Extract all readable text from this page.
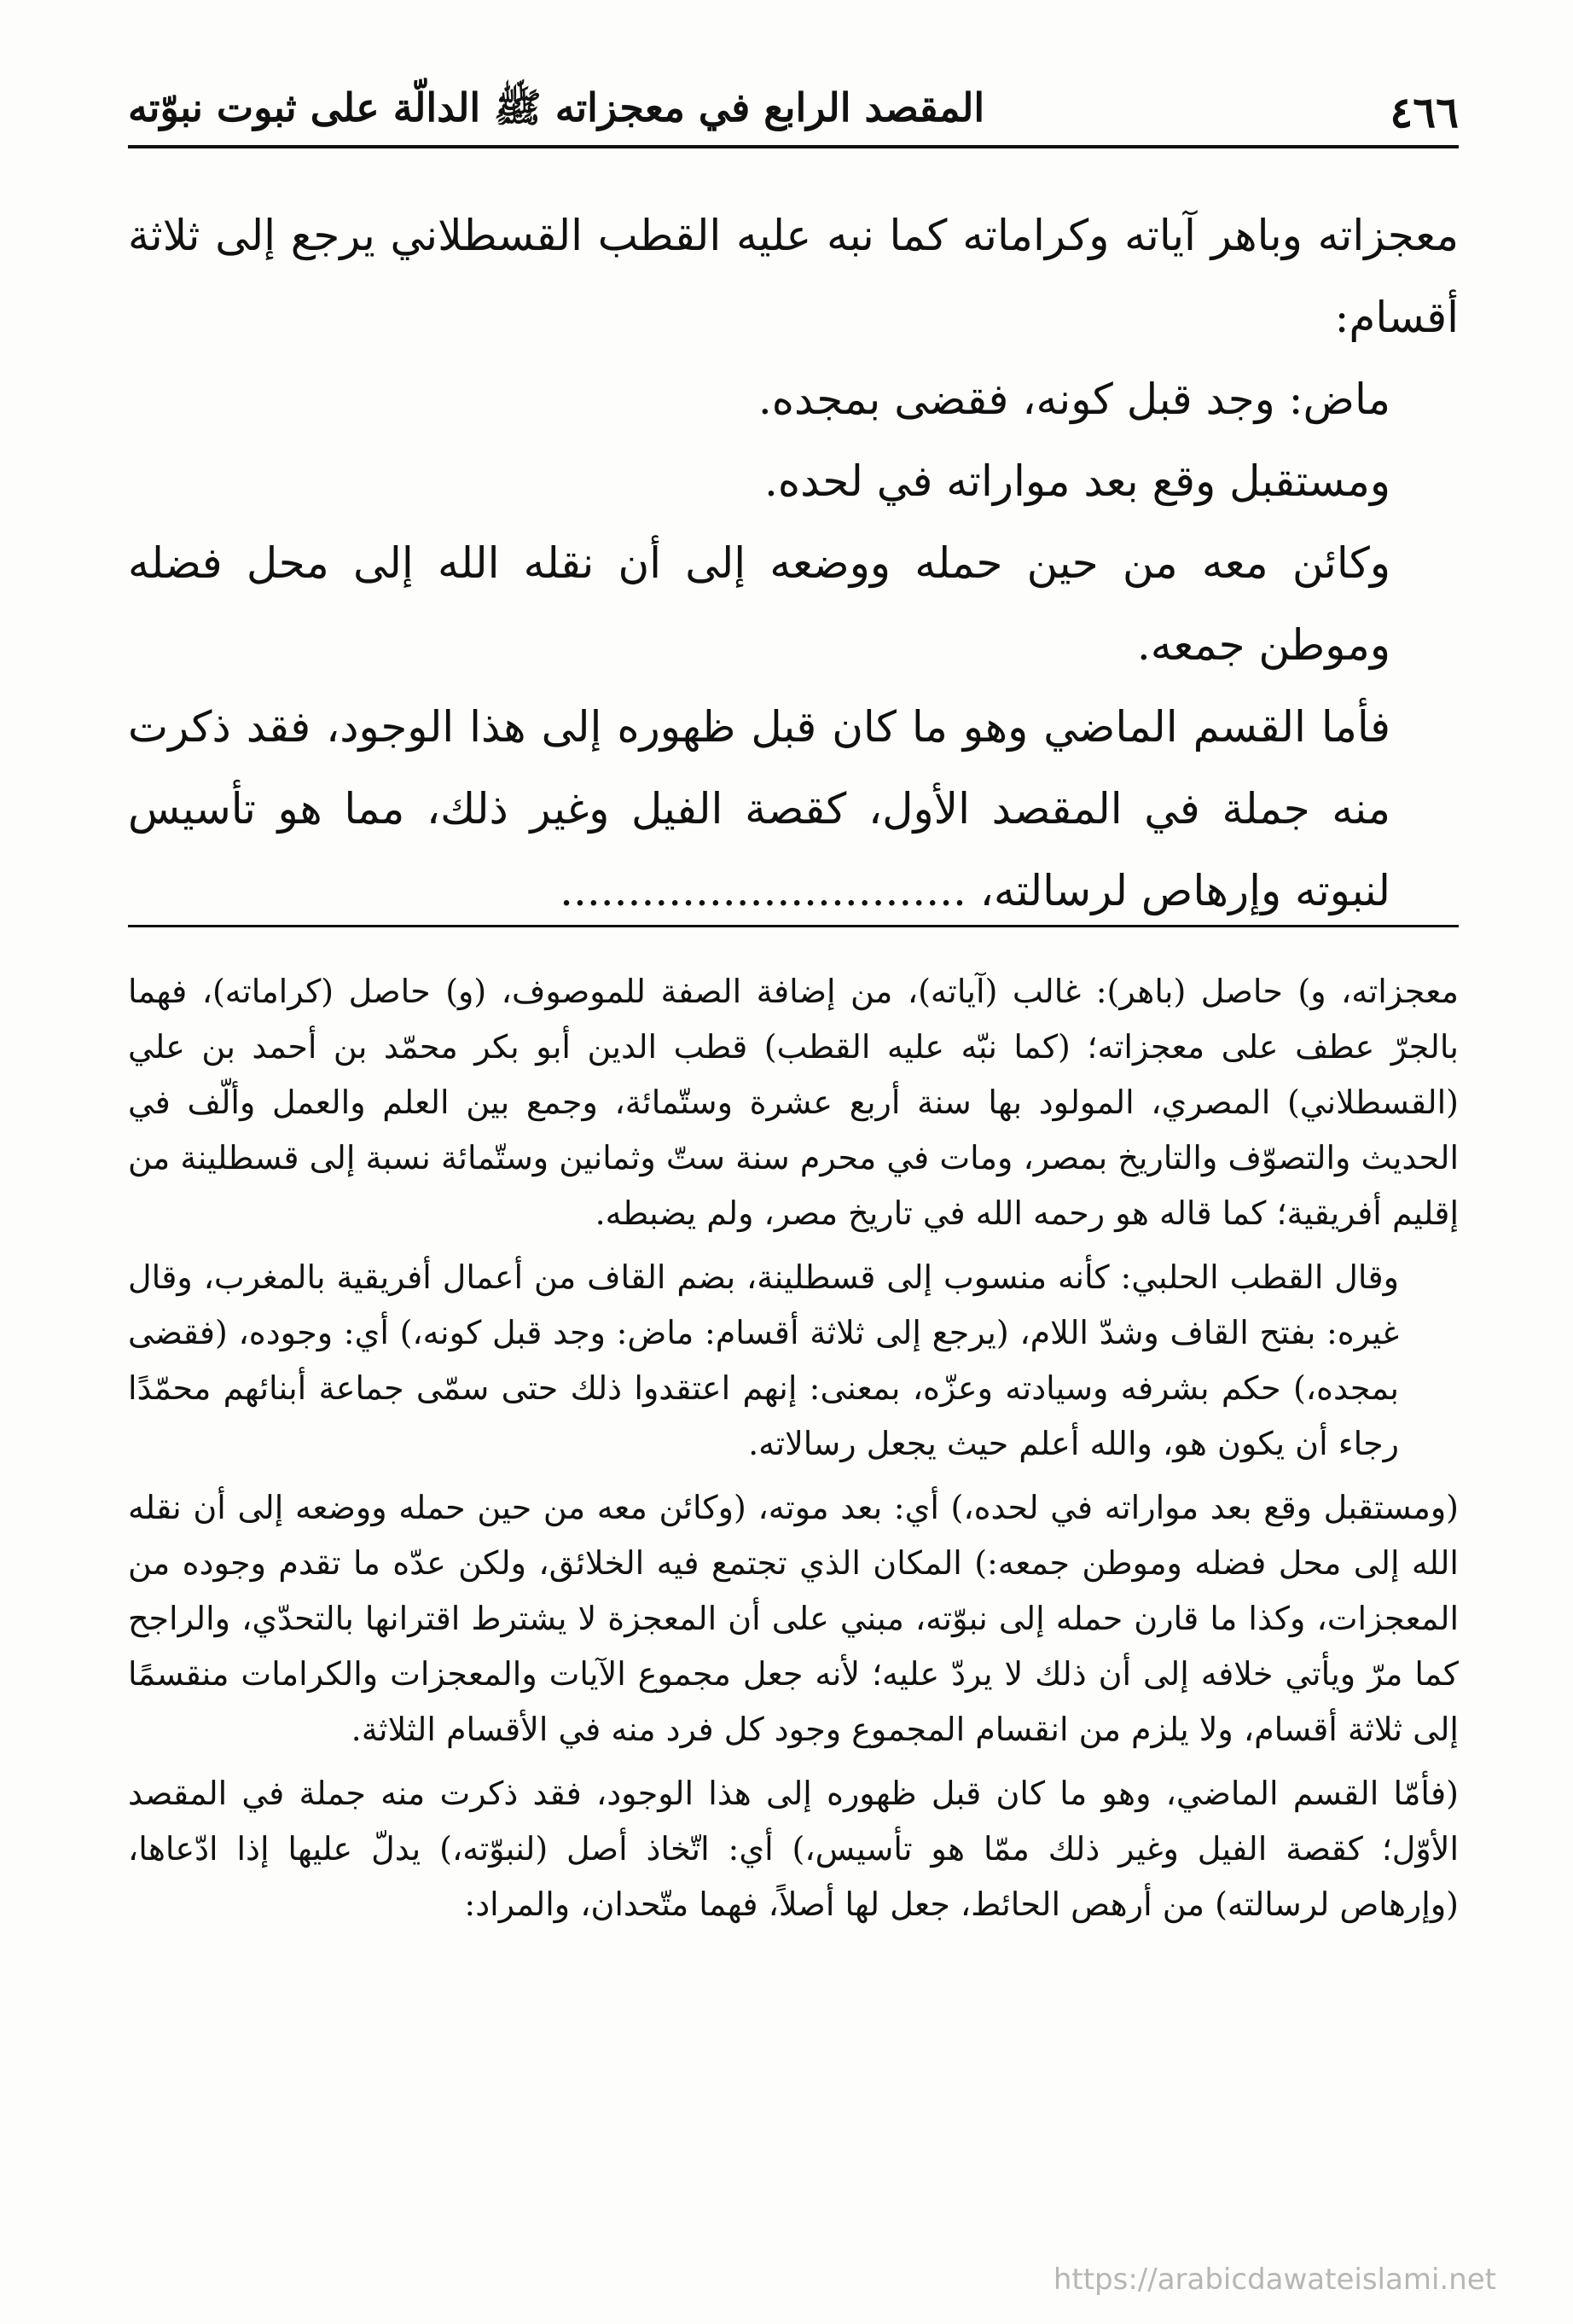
٤٦٦
المقصد الرابع في معجزاته ﷺ الدالّة على ثبوت نبوّته

معجزاته وباهر آياته وكراماته كما نبه عليه القطب القسطلاني يرجع إلى ثلاثة أقسام:

ماض: وجد قبل كونه، فقضى بمجده.

ومستقبل وقع بعد مواراته في لحده.

وكائن معه من حين حمله ووضعه إلى أن نقله الله إلى محل فضله وموطن جمعه.

فأما القسم الماضي وهو ما كان قبل ظهوره إلى هذا الوجود، فقد ذكرت منه جملة في المقصد الأول، كقصة الفيل وغير ذلك، مما هو تأسيس لنبوته وإرهاص لرسالته، ..............................

معجزاته، و) حاصل (باهر): غالب (آياته)، من إضافة الصفة للموصوف، (و) حاصل (كراماته)، فهما بالجرّ عطف على معجزاته؛ (كما نبّه عليه القطب) قطب الدين أبو بكر محمّد بن أحمد بن علي (القسطلاني) المصري، المولود بها سنة أربع عشرة وستّمائة، وجمع بين العلم والعمل وألّف في الحديث والتصوّف والتاريخ بمصر، ومات في محرم سنة ستّ وثمانين وستّمائة نسبة إلى قسطلينة من إقليم أفريقية؛ كما قاله هو رحمه الله في تاريخ مصر، ولم يضبطه.

وقال القطب الحلبي: كأنه منسوب إلى قسطلينة، بضم القاف من أعمال أفريقية بالمغرب، وقال غيره: بفتح القاف وشدّ اللام، (يرجع إلى ثلاثة أقسام: ماض: وجد قبل كونه،) أي: وجوده، (فقضى بمجده،) حكم بشرفه وسيادته وعزّه، بمعنى: إنهم اعتقدوا ذلك حتى سمّى جماعة أبنائهم محمّدًا رجاء أن يكون هو، والله أعلم حيث يجعل رسالاته.

(ومستقبل وقع بعد مواراته في لحده،) أي: بعد موته، (وكائن معه من حين حمله ووضعه إلى أن نقله الله إلى محل فضله وموطن جمعه:) المكان الذي تجتمع فيه الخلائق، ولكن عدّه ما تقدم وجوده من المعجزات، وكذا ما قارن حمله إلى نبوّته، مبني على أن المعجزة لا يشترط اقترانها بالتحدّي، والراجح كما مرّ ويأتي خلافه إلى أن ذلك لا يردّ عليه؛ لأنه جعل مجموع الآيات والمعجزات والكرامات منقسمًا إلى ثلاثة أقسام، ولا يلزم من انقسام المجموع وجود كل فرد منه في الأقسام الثلاثة.

(فأمّا القسم الماضي، وهو ما كان قبل ظهوره إلى هذا الوجود، فقد ذكرت منه جملة في المقصد الأوّل؛ كقصة الفيل وغير ذلك ممّا هو تأسيس،) أي: اتّخاذ أصل (لنبوّته،) يدلّ عليها إذا ادّعاها، (وإرهاص لرسالته) من أرهص الحائط، جعل لها أصلاً، فهما متّحدان، والمراد:

https://arabicdawateislami.net
